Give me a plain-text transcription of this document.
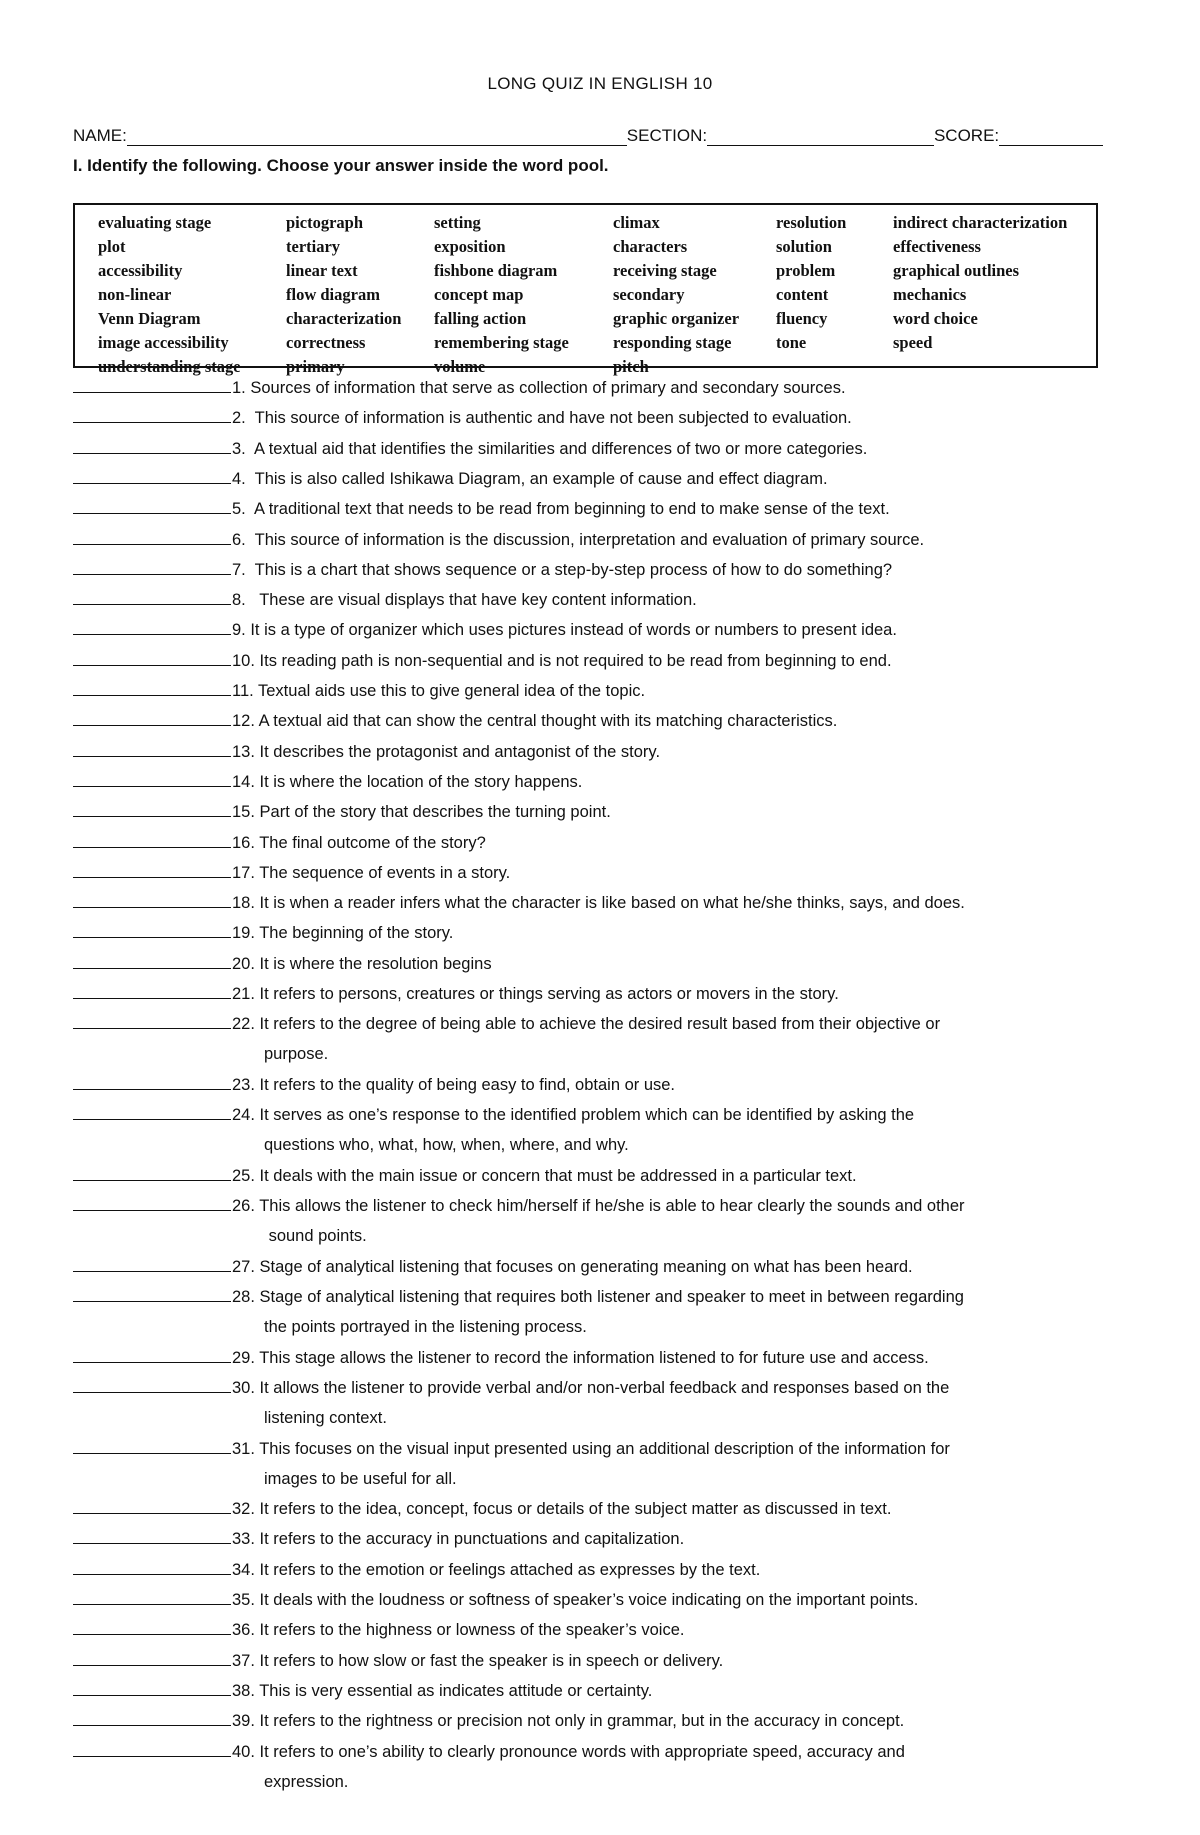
LONG QUIZ IN ENGLISH 10
NAME:	SECTION:	SCORE:
I. Identify the following. Choose your answer inside the word pool.
evaluating stage
plot
accessibility
non-linear
Venn Diagram
image accessibility
understanding stage
pictograph
tertiary
linear text
flow diagram
characterization
correctness
primary
setting
exposition
fishbone diagram
concept map
falling action
remembering stage
volume
climax
characters
receiving stage
secondary
graphic organizer
responding stage
pitch
resolution
solution
problem
content
fluency
tone
indirect characterization
effectiveness
graphical outlines
mechanics
word choice
speed
1. Sources of information that serve as collection of primary and secondary sources.
2.  This source of information is authentic and have not been subjected to evaluation.
3.  A textual aid that identifies the similarities and differences of two or more categories.
4.  This is also called Ishikawa Diagram, an example of cause and effect diagram.
5.  A traditional text that needs to be read from beginning to end to make sense of the text.
6.  This source of information is the discussion, interpretation and evaluation of primary source.
7.  This is a chart that shows sequence or a step-by-step process of how to do something?
8.   These are visual displays that have key content information.
9. It is a type of organizer which uses pictures instead of words or numbers to present idea.
10. Its reading path is non-sequential and is not required to be read from beginning to end.
11. Textual aids use this to give general idea of the topic.
12. A textual aid that can show the central thought with its matching characteristics.
13. It describes the protagonist and antagonist of the story.
14. It is where the location of the story happens.
15. Part of the story that describes the turning point.
16. The final outcome of the story?
17. The sequence of events in a story.
18. It is when a reader infers what the character is like based on what he/she thinks, says, and does.
19. The beginning of the story.
20. It is where the resolution begins
21. It refers to persons, creatures or things serving as actors or movers in the story.
22. It refers to the degree of being able to achieve the desired result based from their objective or
purpose.
23. It refers to the quality of being easy to find, obtain or use.
24. It serves as one’s response to the identified problem which can be identified by asking the
questions who, what, how, when, where, and why.
25. It deals with the main issue or concern that must be addressed in a particular text.
26. This allows the listener to check him/herself if he/she is able to hear clearly the sounds and other
sound points.
27. Stage of analytical listening that focuses on generating meaning on what has been heard.
28. Stage of analytical listening that requires both listener and speaker to meet in between regarding
the points portrayed in the listening process.
29. This stage allows the listener to record the information listened to for future use and access.
30. It allows the listener to provide verbal and/or non-verbal feedback and responses based on the
listening context.
31. This focuses on the visual input presented using an additional description of the information for
images to be useful for all.
32. It refers to the idea, concept, focus or details of the subject matter as discussed in text.
33. It refers to the accuracy in punctuations and capitalization.
34. It refers to the emotion or feelings attached as expresses by the text.
35. It deals with the loudness or softness of speaker’s voice indicating on the important points.
36. It refers to the highness or lowness of the speaker’s voice.
37. It refers to how slow or fast the speaker is in speech or delivery.
38. This is very essential as indicates attitude or certainty.
39. It refers to the rightness or precision not only in grammar, but in the accuracy in concept.
40. It refers to one’s ability to clearly pronounce words with appropriate speed, accuracy and
expression.
